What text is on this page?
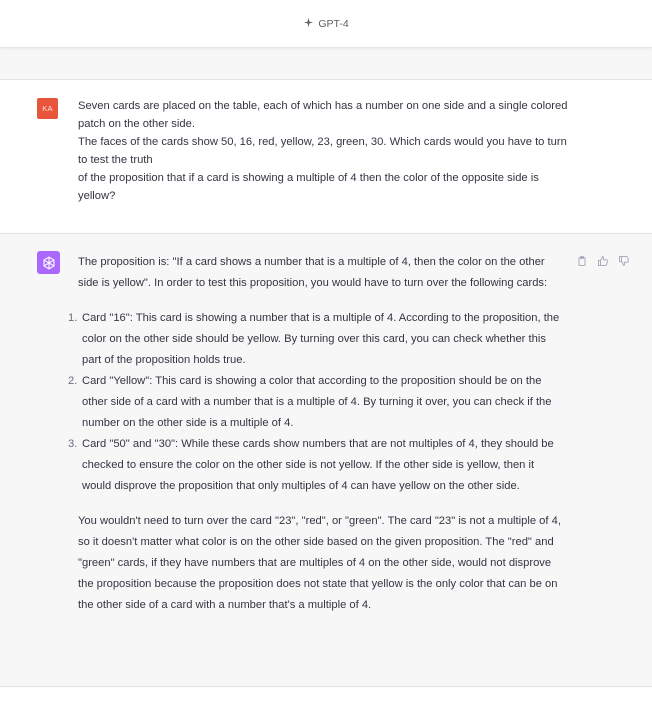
GPT-4
KA	Seven cards are placed on the table, each of which has a number on one side and a single colored patch on the other side.

The faces of the cards show 50, 16, red, yellow, 23, green, 30. Which cards would you have to turn to test the truth

of the proposition that if a card is showing a multiple of 4 then the color of the opposite side is yellow?

The proposition is: "If a card shows a number that is a multiple of 4, then the color on the other side is yellow". In order to test this proposition, you would have to turn over the following cards:

1. Card "16": This card is showing a number that is a multiple of 4. According to the proposition, the color on the other side should be yellow. By turning over this card, you can check whether this part of the proposition holds true.
2. Card "Yellow": This card is showing a color that according to the proposition should be on the other side of a card with a number that is a multiple of 4. By turning it over, you can check if the number on the other side is a multiple of 4.
3. Card "50" and "30": While these cards show numbers that are not multiples of 4, they should be checked to ensure the color on the other side is not yellow. If the other side is yellow, then it would disprove the proposition that only multiples of 4 can have yellow on the other side.

You wouldn't need to turn over the card "23", "red", or "green". The card "23" is not a multiple of 4, so it doesn't matter what color is on the other side based on the given proposition. The "red" and "green" cards, if they have numbers that are multiples of 4 on the other side, would not disprove the proposition because the proposition does not state that yellow is the only color that can be on the other side of a card with a number that's a multiple of 4.
